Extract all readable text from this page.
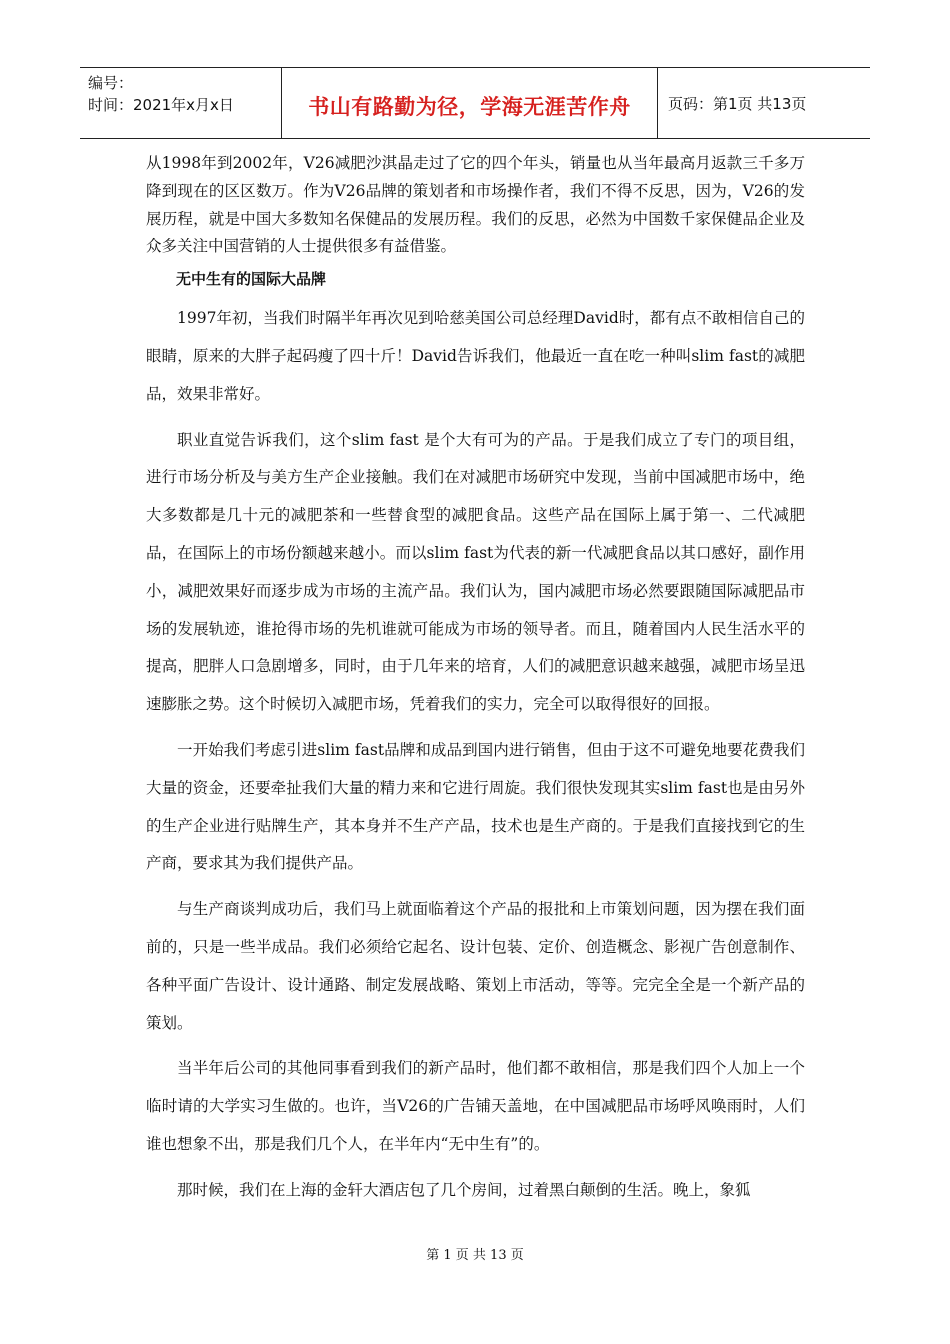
编号：
时间：2021年x月x日	书山有路勤为径，学海无涯苦作舟	页码：第1页 共13页

从1998年到2002年，V26减肥沙淇晶走过了它的四个年头，销量也从当年最高月返款三千多万降到现在的区区数万。作为V26品牌的策划者和市场操作者，我们不得不反思，因为，V26的发展历程，就是中国大多数知名保健品的发展历程。我们的反思，必然为中国数千家保健品企业及众多关注中国营销的人士提供很多有益借鉴。

无中生有的国际大品牌

1997年初，当我们时隔半年再次见到哈慈美国公司总经理David时，都有点不敢相信自己的眼睛，原来的大胖子起码瘦了四十斤！David告诉我们，他最近一直在吃一种叫slim fast的减肥品，效果非常好。

职业直觉告诉我们，这个slim fast 是个大有可为的产品。于是我们成立了专门的项目组，进行市场分析及与美方生产企业接触。我们在对减肥市场研究中发现，当前中国减肥市场中，绝大多数都是几十元的减肥茶和一些替食型的减肥食品。这些产品在国际上属于第一、二代减肥品，在国际上的市场份额越来越小。而以slim fast为代表的新一代减肥食品以其口感好，副作用小，减肥效果好而逐步成为市场的主流产品。我们认为，国内减肥市场必然要跟随国际减肥品市场的发展轨迹，谁抢得市场的先机谁就可能成为市场的领导者。而且，随着国内人民生活水平的提高，肥胖人口急剧增多，同时，由于几年来的培育，人们的减肥意识越来越强，减肥市场呈迅速膨胀之势。这个时候切入减肥市场，凭着我们的实力，完全可以取得很好的回报。

一开始我们考虑引进slim fast品牌和成品到国内进行销售，但由于这不可避免地要花费我们大量的资金，还要牵扯我们大量的精力来和它进行周旋。我们很快发现其实slim fast也是由另外的生产企业进行贴牌生产，其本身并不生产产品，技术也是生产商的。于是我们直接找到它的生产商，要求其为我们提供产品。

与生产商谈判成功后，我们马上就面临着这个产品的报批和上市策划问题，因为摆在我们面前的，只是一些半成品。我们必须给它起名、设计包装、定价、创造概念、影视广告创意制作、各种平面广告设计、设计通路、制定发展战略、策划上市活动，等等。完完全全是一个新产品的策划。

当半年后公司的其他同事看到我们的新产品时，他们都不敢相信，那是我们四个人加上一个临时请的大学实习生做的。也许，当V26的广告铺天盖地，在中国减肥品市场呼风唤雨时，人们谁也想象不出，那是我们几个人，在半年内“无中生有”的。

那时候，我们在上海的金轩大酒店包了几个房间，过着黑白颠倒的生活。晚上，象狐

第 1 页 共 13 页
